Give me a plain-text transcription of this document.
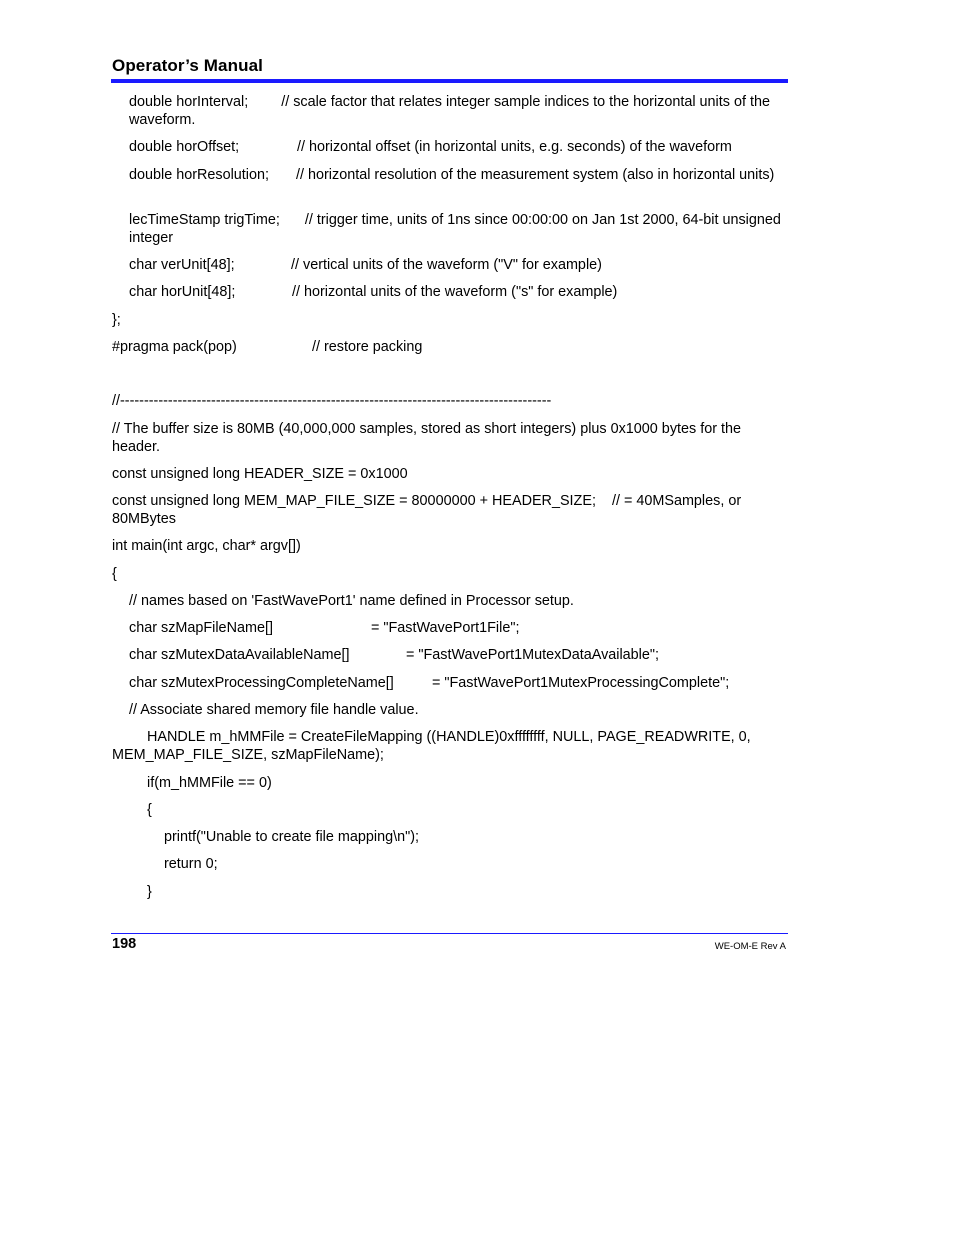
Operator’s Manual
double horInterval; // scale factor that relates integer sample indices to the horizontal units of the waveform.
double horOffset;	// horizontal offset (in horizontal units, e.g. seconds) of the waveform
double horResolution; // horizontal resolution of the measurement system (also in horizontal units)
lecTimeStamp trigTime; // trigger time, units of 1ns since 00:00:00 on Jan 1st 2000, 64-bit unsigned integer
char verUnit[48];	// vertical units of the waveform ("V" for example)
char horUnit[48];	// horizontal units of the waveform ("s" for example)
};
#pragma pack(pop)	// restore packing
//------------------------------------------------------------------------------------------
// The buffer size is 80MB (40,000,000 samples, stored as short integers) plus 0x1000 bytes for the header.
const unsigned long HEADER_SIZE = 0x1000
const unsigned long MEM_MAP_FILE_SIZE = 80000000 + HEADER_SIZE; // = 40MSamples, or 80MBytes
int main(int argc, char* argv[])
{
// names based on 'FastWavePort1' name defined in Processor setup.
char szMapFileName[]	= "FastWavePort1File";
char szMutexDataAvailableName[]	= "FastWavePort1MutexDataAvailable";
char szMutexProcessingCompleteName[]	= "FastWavePort1MutexProcessingComplete";
// Associate shared memory file handle value.
HANDLE m_hMMFile = CreateFileMapping ((HANDLE)0xffffffff, NULL, PAGE_READWRITE, 0, MEM_MAP_FILE_SIZE, szMapFileName);
if(m_hMMFile == 0)
{
printf("Unable to create file mapping\n");
return 0;
}
198	WE-OM-E Rev A
